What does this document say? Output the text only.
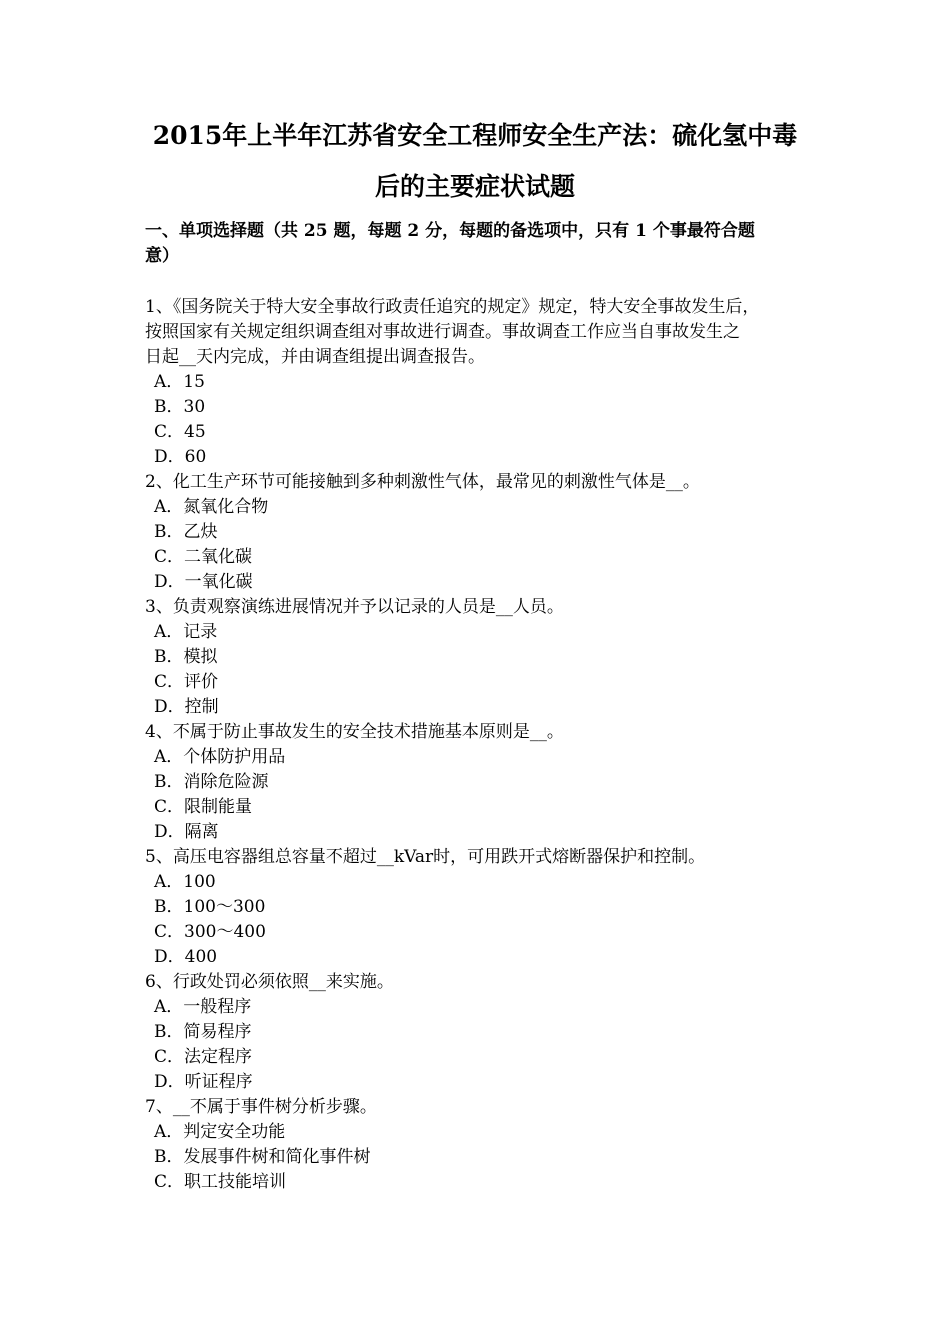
2015年上半年江苏省安全工程师安全生产法：硫化氢中毒
后的主要症状试题
一、单项选择题（共 25 题，每题 2 分，每题的备选项中，只有 1 个事最符合题
意）
1、《国务院关于特大安全事故行政责任追究的规定》规定，特大安全事故发生后，
按照国家有关规定组织调查组对事故进行调查。事故调查工作应当自事故发生之
日起__天内完成，并由调查组提出调查报告。
A．15
B．30
C．45
D．60
2、化工生产环节可能接触到多种刺激性气体，最常见的刺激性气体是__。
A．氮氧化合物
B．乙炔
C．二氧化碳
D．一氧化碳
3、负责观察演练进展情况并予以记录的人员是__人员。
A．记录
B．模拟
C．评价
D．控制
4、不属于防止事故发生的安全技术措施基本原则是__。
A．个体防护用品
B．消除危险源
C．限制能量
D．隔离
5、高压电容器组总容量不超过__kVar时，可用跌开式熔断器保护和控制。
A．100
B．100～300
C．300～400
D．400
6、行政处罚必须依照__来实施。
A．一般程序
B．简易程序
C．法定程序
D．听证程序
7、__不属于事件树分析步骤。
A．判定安全功能
B．发展事件树和简化事件树
C．职工技能培训
